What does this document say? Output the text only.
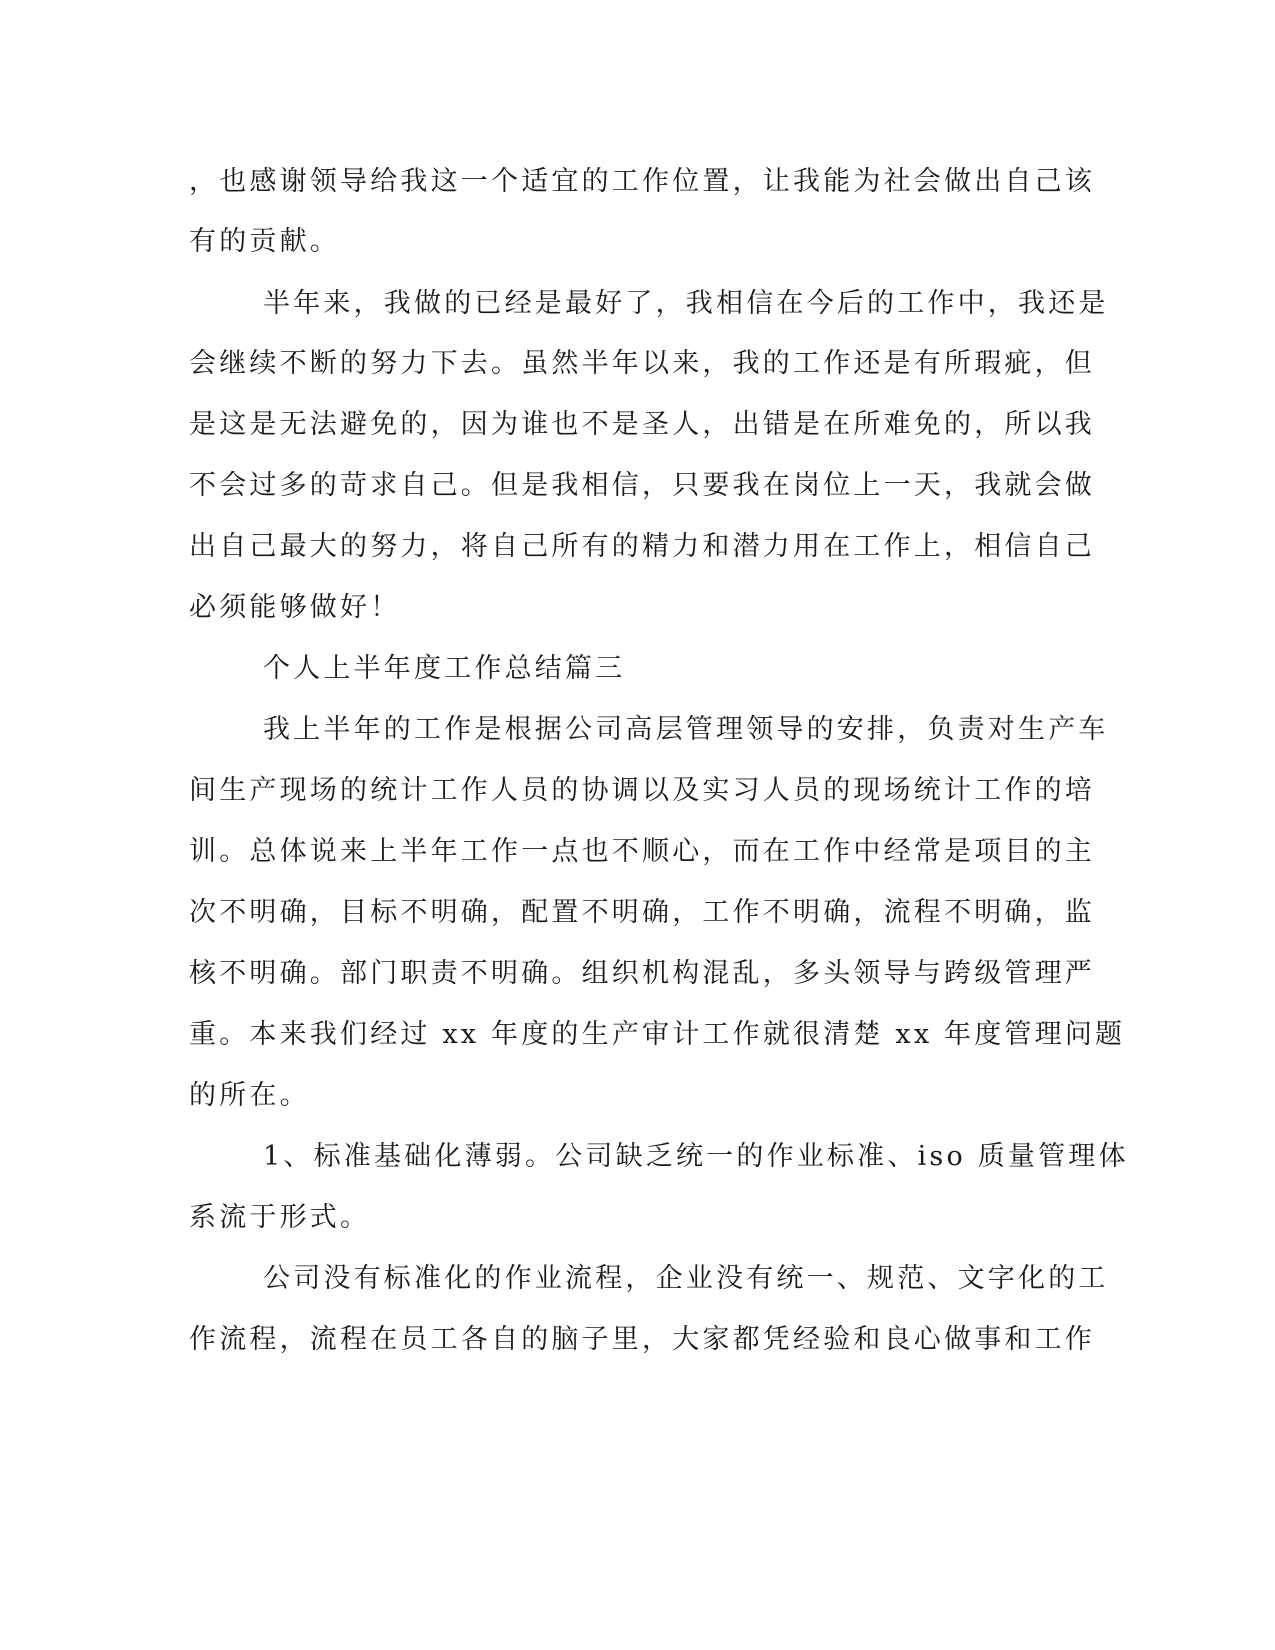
，也感谢领导给我这一个适宜的工作位置，让我能为社会做出自己该

有的贡献。

半年来，我做的已经是最好了，我相信在今后的工作中，我还是

会继续不断的努力下去。虽然半年以来，我的工作还是有所瑕疵，但

是这是无法避免的，因为谁也不是圣人，出错是在所难免的，所以我

不会过多的苛求自己。但是我相信，只要我在岗位上一天，我就会做

出自己最大的努力，将自己所有的精力和潜力用在工作上，相信自己

必须能够做好！

个人上半年度工作总结篇三

我上半年的工作是根据公司高层管理领导的安排，负责对生产车

间生产现场的统计工作人员的协调以及实习人员的现场统计工作的培

训。总体说来上半年工作一点也不顺心，而在工作中经常是项目的主

次不明确，目标不明确，配置不明确，工作不明确，流程不明确，监

核不明确。部门职责不明确。组织机构混乱，多头领导与跨级管理严

重。本来我们经过 xx 年度的生产审计工作就很清楚 xx 年度管理问题

的所在。

1、标准基础化薄弱。公司缺乏统一的作业标准、iso 质量管理体

系流于形式。

公司没有标准化的作业流程，企业没有统一、规范、文字化的工

作流程，流程在员工各自的脑子里，大家都凭经验和良心做事和工作
